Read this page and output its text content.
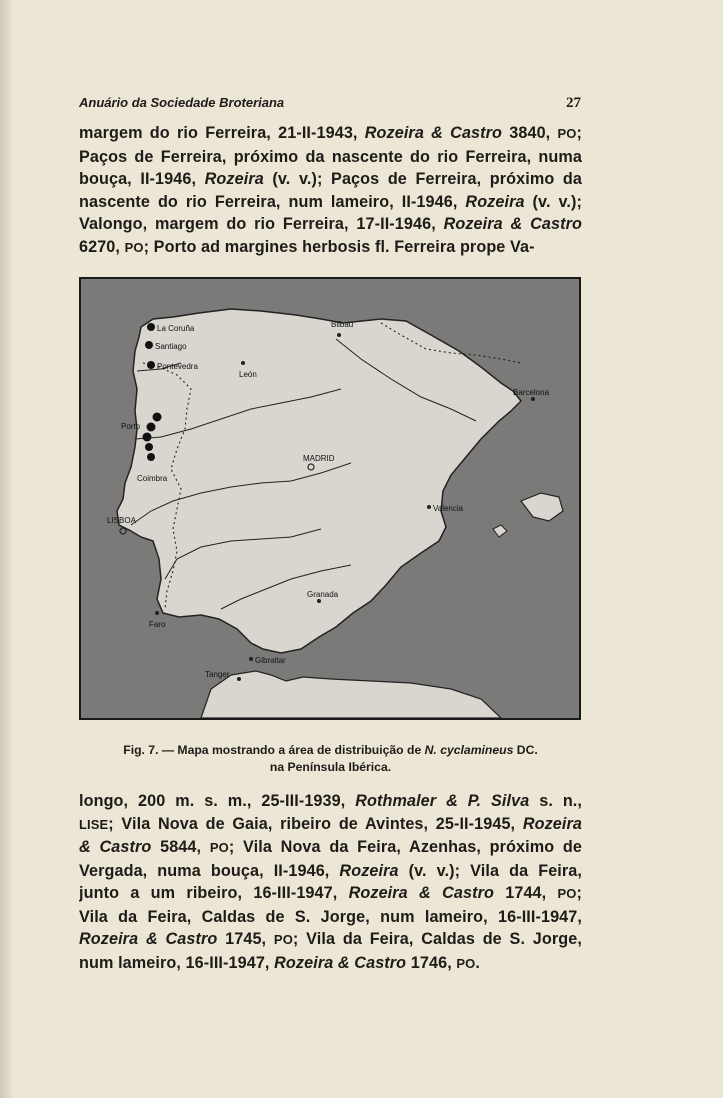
Anuário da Sociedade Broteriana	27
margem do rio Ferreira, 21-II-1943, Rozeira & Castro 3840, PO;
Paços de Ferreira, próximo da nascente do rio Ferreira, numa
bouça, II-1946, Rozeira (v. v.); Paços de Ferreira, próximo da
nascente do rio Ferreira, num lameiro, II-1946, Rozeira (v. v.);
Valongo, margem do rio Ferreira, 17-II-1946, Rozeira & Castro
6270, PO; Porto ad margines herbosis fl. Ferreira prope Va-
La Coruña
Santiago
Pontevedra
Bilbau
León
Barcelona
Porto
MADRID
Coimbra
Valencia
LISBOA
Granada
Faro
Gibraltar
Tanger
Fig. 7. — Mapa mostrando a área de distribuição de N. cyclamineus DC.
na Península Ibérica.
longo, 200 m. s. m., 25-III-1939, Rothmaler & P. Silva s. n.,
LISE; Vila Nova de Gaia, ribeiro de Avintes, 25-II-1945, Rozeira
& Castro 5844, PO; Vila Nova da Feira, Azenhas, próximo de
Vergada, numa bouça, II-1946, Rozeira (v. v.); Vila da Feira,
junto a um ribeiro, 16-III-1947, Rozeira & Castro 1744, PO;
Vila da Feira, Caldas de S. Jorge, num lameiro, 16-III-1947,
Rozeira & Castro 1745, PO; Vila da Feira, Caldas de S. Jorge,
num lameiro, 16-III-1947, Rozeira & Castro 1746, PO.
